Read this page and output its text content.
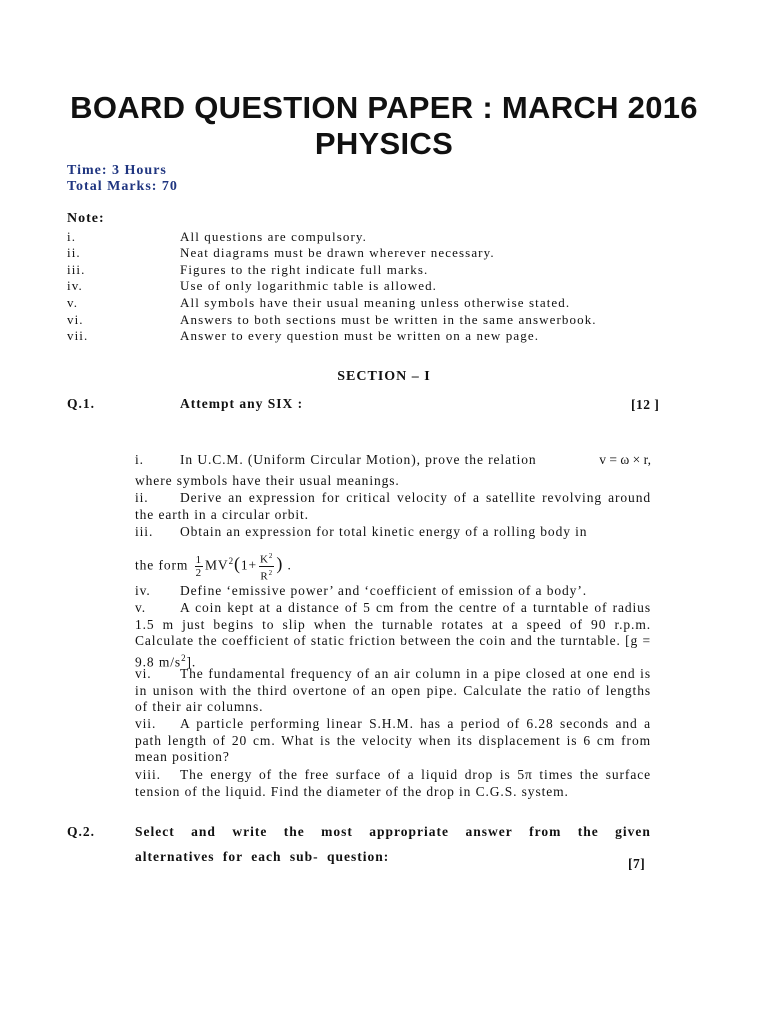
BOARD QUESTION PAPER : MARCH 2016
PHYSICS
Time: 3 Hours
Total Marks: 70
Note:
i.	All questions are compulsory.
ii.	Neat diagrams must be drawn wherever necessary.
iii.	Figures to the right indicate full marks.
iv.	Use of only logarithmic table is allowed.
v.	All symbols have their usual meaning unless otherwise stated.
vi.	Answers to both sections must be written in the same answerbook.
vii.	Answer to every question must be written on a new page.
SECTION – I
Q.1.	Attempt any SIX :	[12 ]
i.	In U.C.M. (Uniform Circular Motion), prove the relation	v = ω × r,
where symbols have their usual meanings.
ii. Derive an expression for critical velocity of a satellite revolving around the earth in a circular orbit.
iii. Obtain an expression for total kinetic energy of a rolling body in
the form $\frac{1}{2} MV^2(1+ \frac{K^2}{R^2}$ ) .
iv. Define ‘emissive power’ and ‘coefficient of emission of a body’.
v.	A coin kept at a distance of 5 cm from the centre of a turntable of radius 1.5 m just begins to slip when the turnable rotates at a speed of 90 r.p.m. Calculate the coefficient of static friction between the coin and the turntable. [g = 9.8 $m/s^2$].
vi. The fundamental frequency of an air column in a pipe closed at one end is in unison with the third overtone of an open pipe. Calculate the ratio of lengths of their air columns.
vii. A particle performing linear S.H.M. has a period of 6.28 seconds and a path length of 20 cm. What is the velocity when its displacement is 6 cm from mean position?
viii. The energy of the free surface of a liquid drop is 5π times the surface tension of the liquid. Find the diameter of the drop in C.G.S. system.
Q.2.	Select and write the most appropriate answer from the given
alternatives for each sub- question:	[7]
